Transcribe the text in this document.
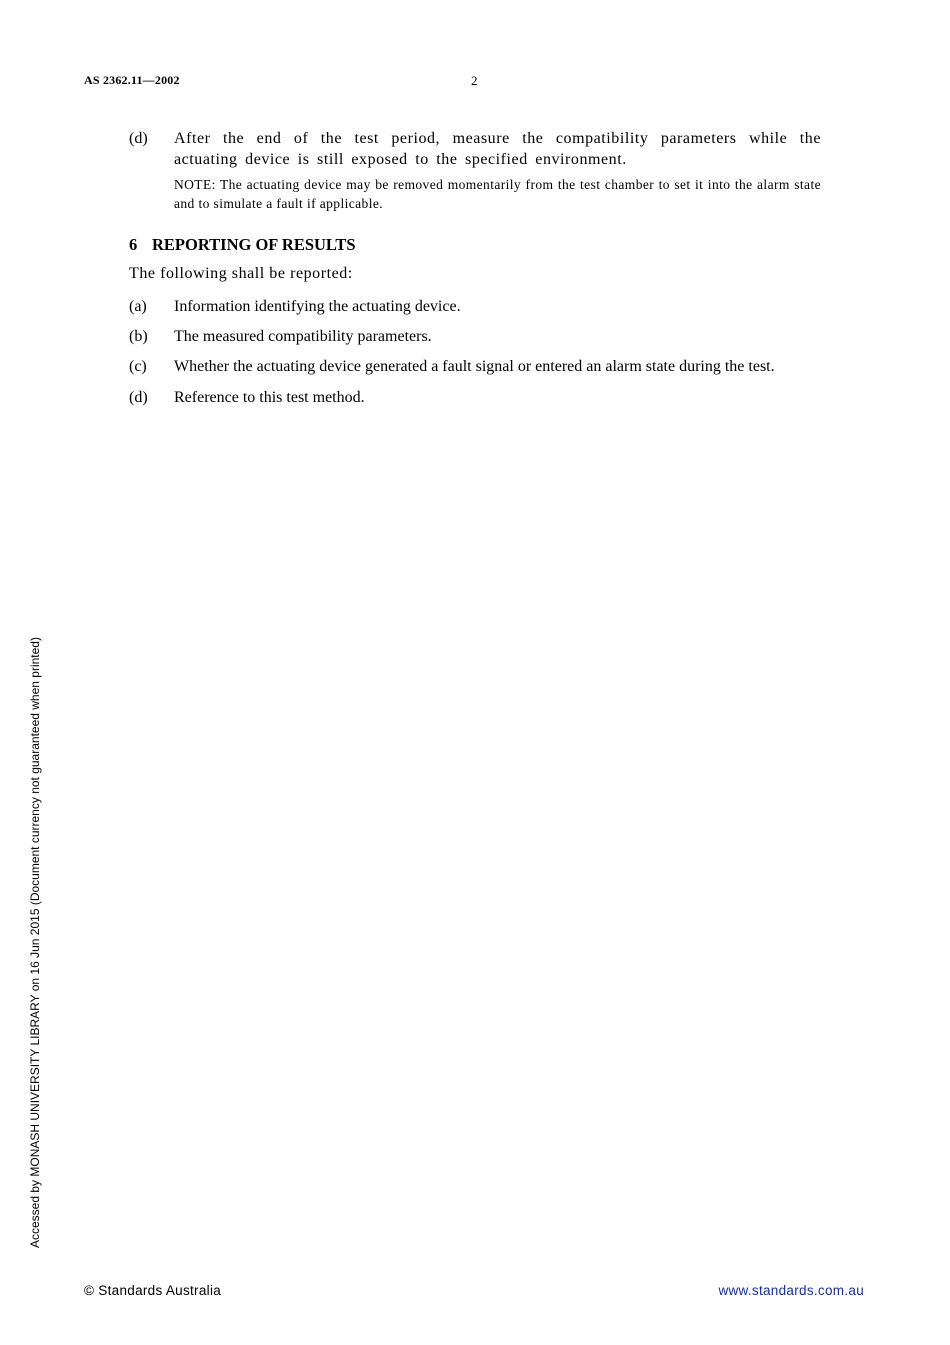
AS 2362.11—2002	2
(d)	After the end of the test period, measure the compatibility parameters while the actuating device is still exposed to the specified environment.
NOTE: The actuating device may be removed momentarily from the test chamber to set it into the alarm state and to simulate a fault if applicable.
6 REPORTING OF RESULTS
The following shall be reported:
(a)	Information identifying the actuating device.
(b)	The measured compatibility parameters.
(c)	Whether the actuating device generated a fault signal or entered an alarm state during the test.
(d)	Reference to this test method.
Accessed by MONASH UNIVERSITY LIBRARY on 16 Jun 2015 (Document currency not guaranteed when printed)
© Standards Australia	www.standards.com.au
